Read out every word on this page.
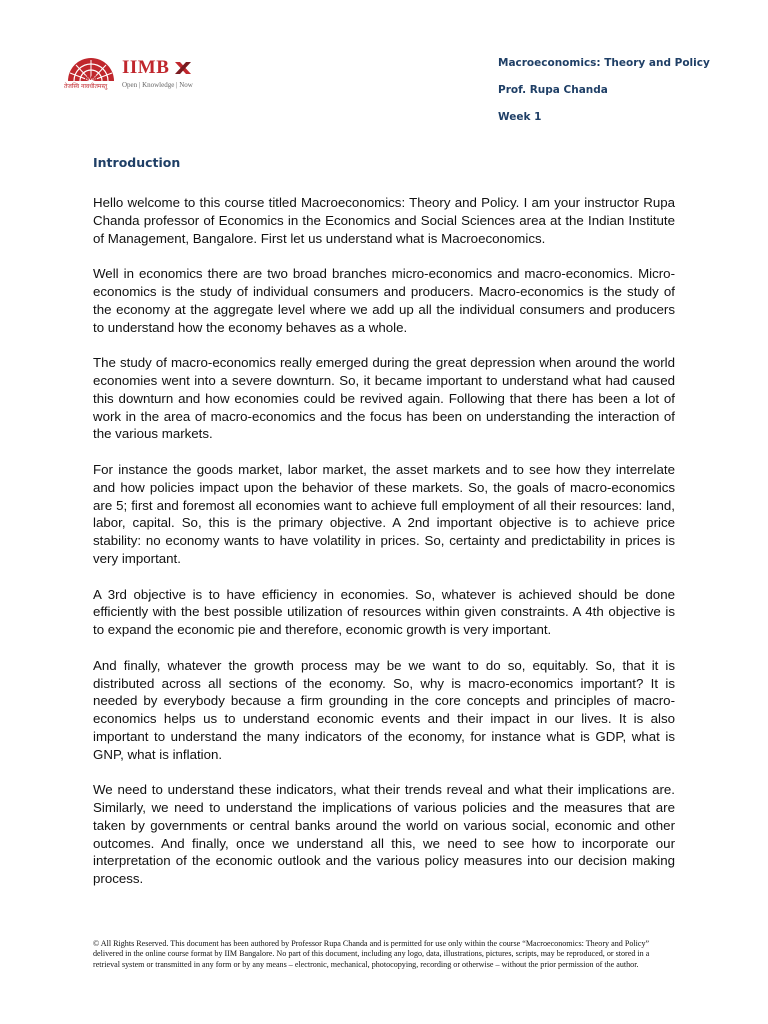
IIMB
IIMB
Open | Knowledge | Now
तेजस्वि नावधीतमस्तु
Macroeconomics: Theory and Policy
Prof. Rupa Chanda
Week 1
Introduction

Hello welcome to this course titled Macroeconomics: Theory and Policy. I am your instructor Rupa Chanda professor of Economics in the Economics and Social Sciences area at the Indian Institute of Management, Bangalore. First let us understand what is Macroeconomics.

Well in economics there are two broad branches micro-economics and macro-economics. Micro-economics is the study of individual consumers and producers. Macro-economics is the study of the economy at the aggregate level where we add up all the individual consumers and producers to understand how the economy behaves as a whole.

The study of macro-economics really emerged during the great depression when around the world economies went into a severe downturn. So, it became important to understand what had caused this downturn and how economies could be revived again. Following that there has been a lot of work in the area of macro-economics and the focus has been on understanding the interaction of the various markets.

For instance the goods market, labor market, the asset markets and to see how they interrelate and how policies impact upon the behavior of these markets. So, the goals of macro-economics are 5; first and foremost all economies want to achieve full employment of all their resources: land, labor, capital. So, this is the primary objective. A 2nd important objective is to achieve price stability: no economy wants to have volatility in prices. So, certainty and predictability in prices is very important.

A 3rd objective is to have efficiency in economies. So, whatever is achieved should be done efficiently with the best possible utilization of resources within given constraints. A 4th objective is to expand the economic pie and therefore, economic growth is very important.

And finally, whatever the growth process may be we want to do so, equitably. So, that it is distributed across all sections of the economy. So, why is macro-economics important? It is needed by everybody because a firm grounding in the core concepts and principles of macro-economics helps us to understand economic events and their impact in our lives. It is also important to understand the many indicators of the economy, for instance what is GDP, what is GNP, what is inflation.

We need to understand these indicators, what their trends reveal and what their implications are. Similarly, we need to understand the implications of various policies and the measures that are taken by governments or central banks around the world on various social, economic and other outcomes. And finally, once we understand all this, we need to see how to incorporate our interpretation of the economic outlook and the various policy measures into our decision making process.

© All Rights Reserved. This document has been authored by Professor Rupa Chanda and is permitted for use only within the course “Macroeconomics: Theory and Policy” delivered in the online course format by IIM Bangalore. No part of this document, including any logo, data, illustrations, pictures, scripts, may be reproduced, or stored in a retrieval system or transmitted in any form or by any means – electronic, mechanical, photocopying, recording or otherwise – without the prior permission of the author.
